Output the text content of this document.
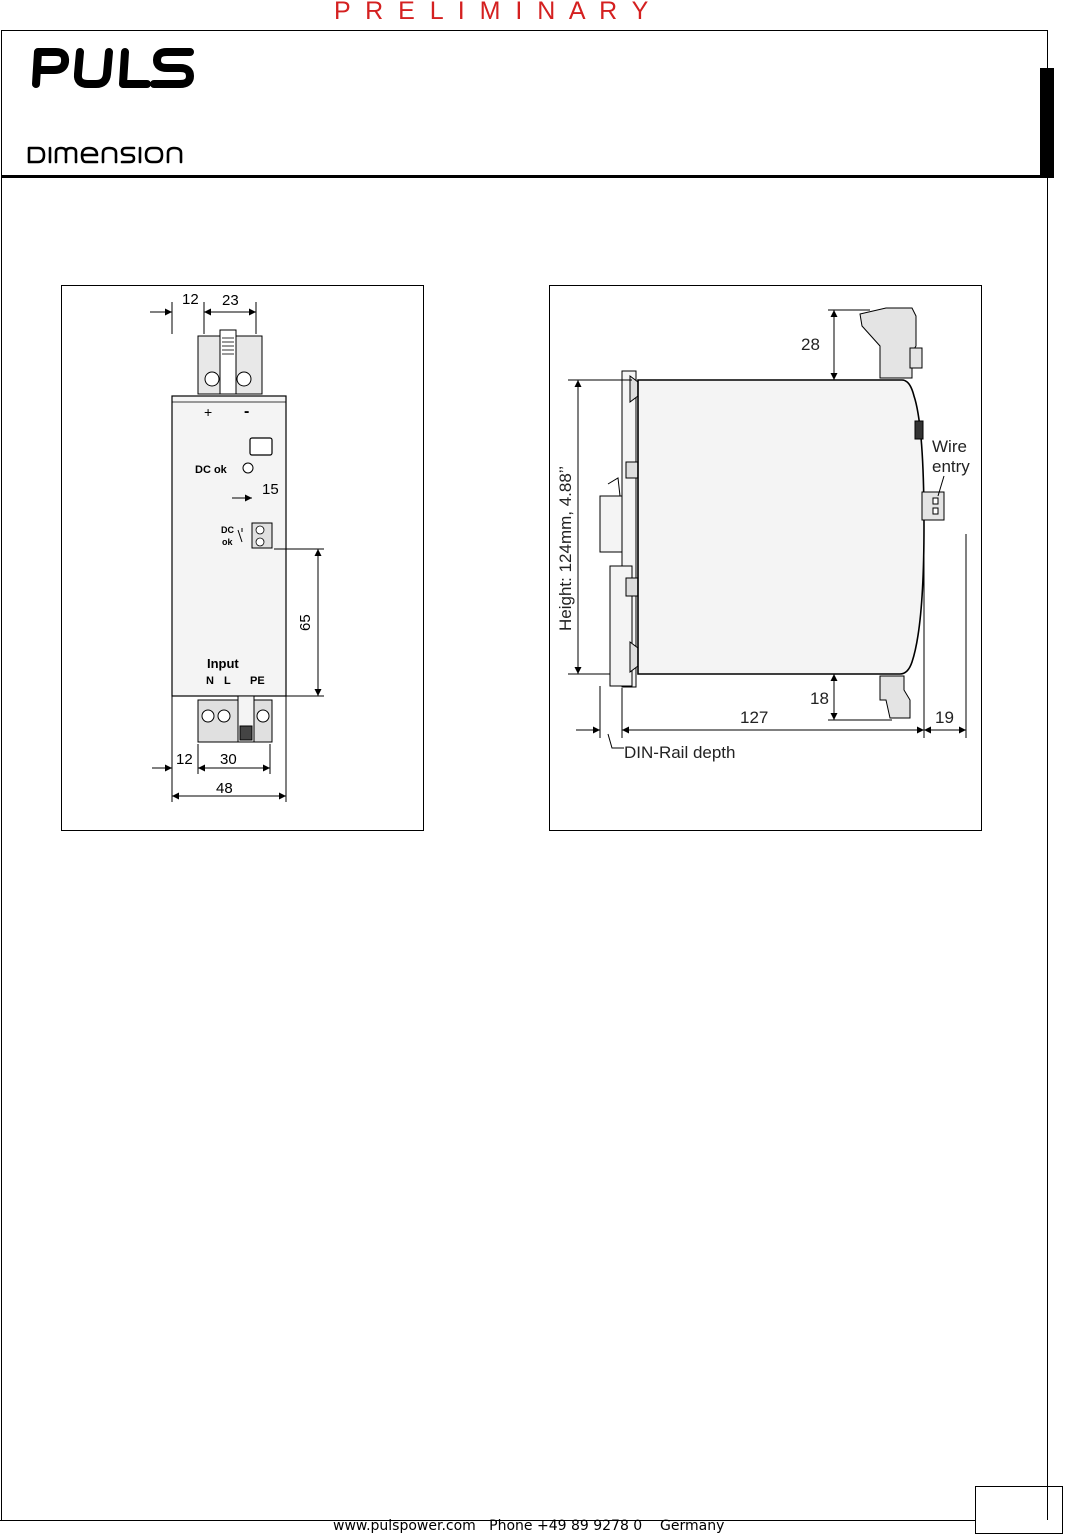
P R E L I M I N A R Y
12 23
+ -
DC ok
15
DC
ok
65
Input
N L PE
12 30
48
Height: 124mm, 4.88’’
28
18
127	19
DIN-Rail depth
Wire
entry
www.pulspower.com   Phone +49 89 9278 0    Germany
